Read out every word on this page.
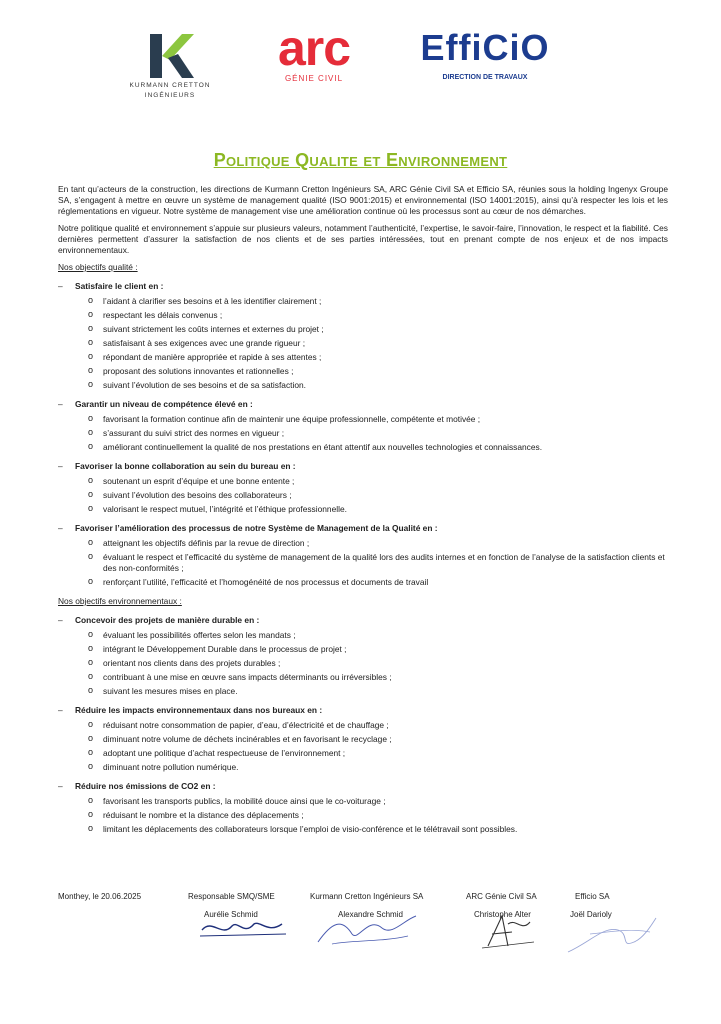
KURMANN CRETTON
INGÉNIEURS
arc
GÉNIE CIVIL
EffiCiO
DIRECTION DE TRAVAUX
Politique Qualite et Environnement

En tant qu’acteurs de la construction, les directions de Kurmann Cretton Ingénieurs SA, ARC Génie Civil SA et Efficio SA, réunies sous la holding Ingenyx Groupe SA, s’engagent à mettre en œuvre un système de management qualité (ISO 9001:2015) et environnemental (ISO 14001:2015), ainsi qu’à respecter les lois et les réglementations en vigueur. Notre système de management vise une amélioration continue où les processus sont au cœur de nos démarches.

Notre politique qualité et environnement s’appuie sur plusieurs valeurs, notamment l’authenticité, l’expertise, le savoir-faire, l’innovation, le respect et la fiabilité. Ces dernières permettent d’assurer la satisfaction de nos clients et de ses parties intéressées, tout en prenant compte de nos enjeux et de nos impacts environnementaux.

Nos objectifs qualité :
– Satisfaire le client en :
o l’aidant à clarifier ses besoins et à les identifier clairement ;
o respectant les délais convenus ;
o suivant strictement les coûts internes et externes du projet ;
o satisfaisant à ses exigences avec une grande rigueur ;
o répondant de manière appropriée et rapide à ses attentes ;
o proposant des solutions innovantes et rationnelles ;
o suivant l’évolution de ses besoins et de sa satisfaction.
– Garantir un niveau de compétence élevé en :
o favorisant la formation continue afin de maintenir une équipe professionnelle, compétente et motivée ;
o s’assurant du suivi strict des normes en vigueur ;
o améliorant continuellement la qualité de nos prestations en étant attentif aux nouvelles technologies et connaissances.
– Favoriser la bonne collaboration au sein du bureau en :
o soutenant un esprit d’équipe et une bonne entente ;
o suivant l’évolution des besoins des collaborateurs ;
o valorisant le respect mutuel, l’intégrité et l’éthique professionnelle.
– Favoriser l’amélioration des processus de notre Système de Management de la Qualité en :
o atteignant les objectifs définis par la revue de direction ;
o évaluant le respect et l’efficacité du système de management de la qualité lors des audits internes et en fonction de l’analyse de la satisfaction clients et des non-conformités ;
o renforçant l’utilité, l’efficacité et l’homogénéité de nos processus et documents de travail
Nos objectifs environnementaux :
– Concevoir des projets de manière durable en :
o évaluant les possibilités offertes selon les mandats ;
o intégrant le Développement Durable dans le processus de projet ;
o orientant nos clients dans des projets durables ;
o contribuant à une mise en œuvre sans impacts déterminants ou irréversibles ;
o suivant les mesures mises en place.
– Réduire les impacts environnementaux dans nos bureaux en :
o réduisant notre consommation de papier, d’eau, d’électricité et de chauffage ;
o diminuant notre volume de déchets incinérables et en favorisant le recyclage ;
o adoptant une politique d’achat respectueuse de l’environnement ;
o diminuant notre pollution numérique.
– Réduire nos émissions de CO2 en :
o favorisant les transports publics, la mobilité douce ainsi que le co-voiturage ;
o réduisant le nombre et la distance des déplacements ;
o limitant les déplacements des collaborateurs lorsque l’emploi de visio-conférence et le télétravail sont possibles.
Monthey, le 20.06.2025	Responsable SMQ/SME
Aurélie Schmid
Kurmann Cretton Ingénieurs SA
Alexandre Schmid
ARC Génie Civil SA
Christophe Alter
Efficio SA
Joël Darioly
